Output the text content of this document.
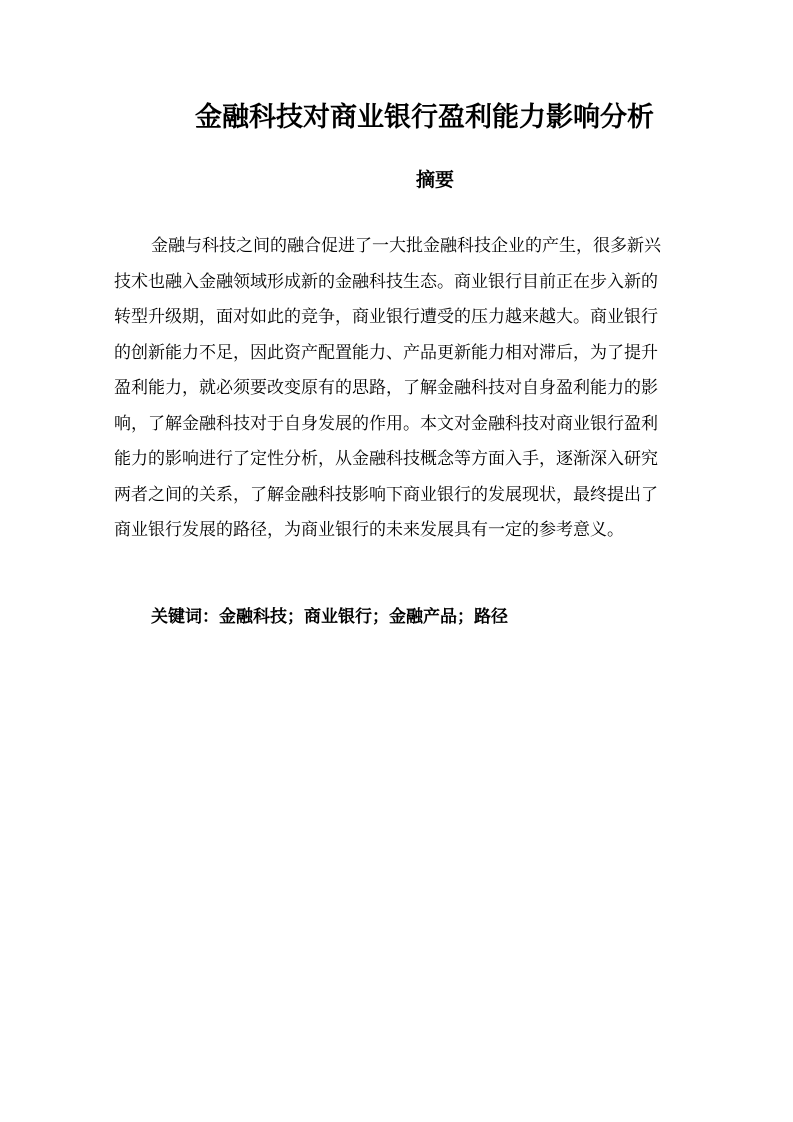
金融科技对商业银行盈利能力影响分析
摘要
金融与科技之间的融合促进了一大批金融科技企业的产生，很多新兴
技术也融入金融领域形成新的金融科技生态。商业银行目前正在步入新的
转型升级期，面对如此的竞争，商业银行遭受的压力越来越大。商业银行
的创新能力不足，因此资产配置能力、产品更新能力相对滞后，为了提升
盈利能力，就必须要改变原有的思路，了解金融科技对自身盈利能力的影
响，了解金融科技对于自身发展的作用。本文对金融科技对商业银行盈利
能力的影响进行了定性分析，从金融科技概念等方面入手，逐渐深入研究
两者之间的关系，了解金融科技影响下商业银行的发展现状，最终提出了
商业银行发展的路径，为商业银行的未来发展具有一定的参考意义。
关键词：金融科技；商业银行；金融产品；路径
